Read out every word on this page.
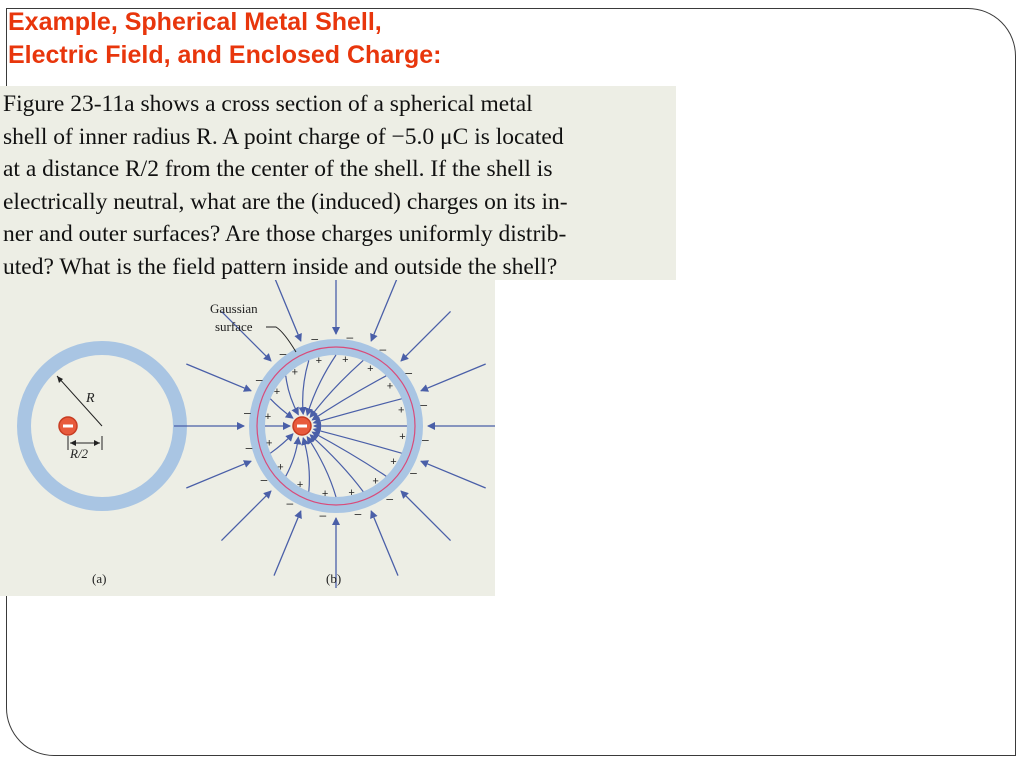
Example, Spherical Metal Shell,
Electric Field, and Enclosed Charge:

Figure 23-11a shows a cross section of a spherical metal

shell of inner radius R. A point charge of −5.0 μC is located

at a distance R/2 from the center of the shell. If the shell is

electrically neutral, what are the (induced) charges on its in-

ner and outer surfaces? Are those charges uniformly distrib-

uted? What is the field pattern inside and outside the shell?

R
R/2
(a)
+ –
+
–
+
–
+
–
+
–
+
–
+
–
+
–
+
–
+
–
+
–
+
–
+
–
+
–
+
–
+ –
Gaussian
surface
(b)
